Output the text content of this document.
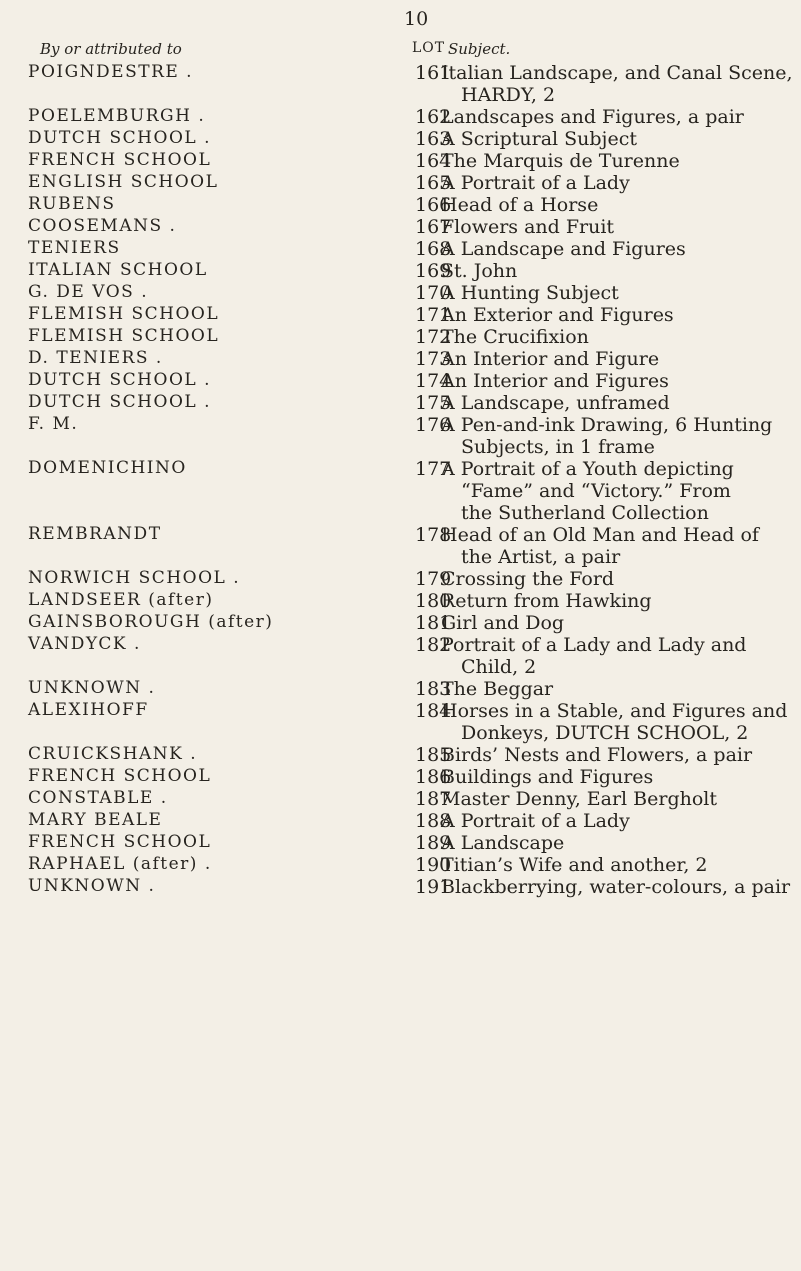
10
By or attributed to	LOT Subject.
POIGNDESTRE .	161
Italian Landscape, and Canal Scene,
HARDY, 2
POELEMBURGH .	162
Landscapes and Figures, a pair
DUTCH SCHOOL .	163
A Scriptural Subject
FRENCH SCHOOL	164
The Marquis de Turenne
ENGLISH SCHOOL	165
A Portrait of a Lady
RUBENS	166
Head of a Horse
COOSEMANS .	167
Flowers and Fruit
TENIERS	168
A Landscape and Figures
ITALIAN SCHOOL	169
St. John
G. DE VOS .	170
A Hunting Subject
FLEMISH SCHOOL	171
An Exterior and Figures
FLEMISH SCHOOL	172
The Crucifixion
D. TENIERS .	173
An Interior and Figure
DUTCH SCHOOL .	174
An Interior and Figures
DUTCH SCHOOL .	175
A Landscape, unframed
F. M.	176
A Pen-and-ink Drawing, 6 Hunting
Subjects, in 1 frame
DOMENICHINO	177
A Portrait of a Youth depicting
“Fame” and “Victory.” From
the Sutherland Collection
REMBRANDT	178
Head of an Old Man and Head of
the Artist, a pair
NORWICH SCHOOL .	179
Crossing the Ford
LANDSEER (after)	180
Return from Hawking
GAINSBOROUGH (after)	181
Girl and Dog
VANDYCK .	182
Portrait of a Lady and Lady and
Child, 2
UNKNOWN .	183
The Beggar
ALEXIHOFF	184
Horses in a Stable, and Figures and
Donkeys, DUTCH SCHOOL, 2
CRUICKSHANK .	185
Birds’ Nests and Flowers, a pair
FRENCH SCHOOL	186
Buildings and Figures
CONSTABLE .	187
Master Denny, Earl Bergholt
MARY BEALE	188
A Portrait of a Lady
FRENCH SCHOOL	189
A Landscape
RAPHAEL (after) .	190
Titian’s Wife and another, 2
UNKNOWN .	191
Blackberrying, water-colours, a pair
